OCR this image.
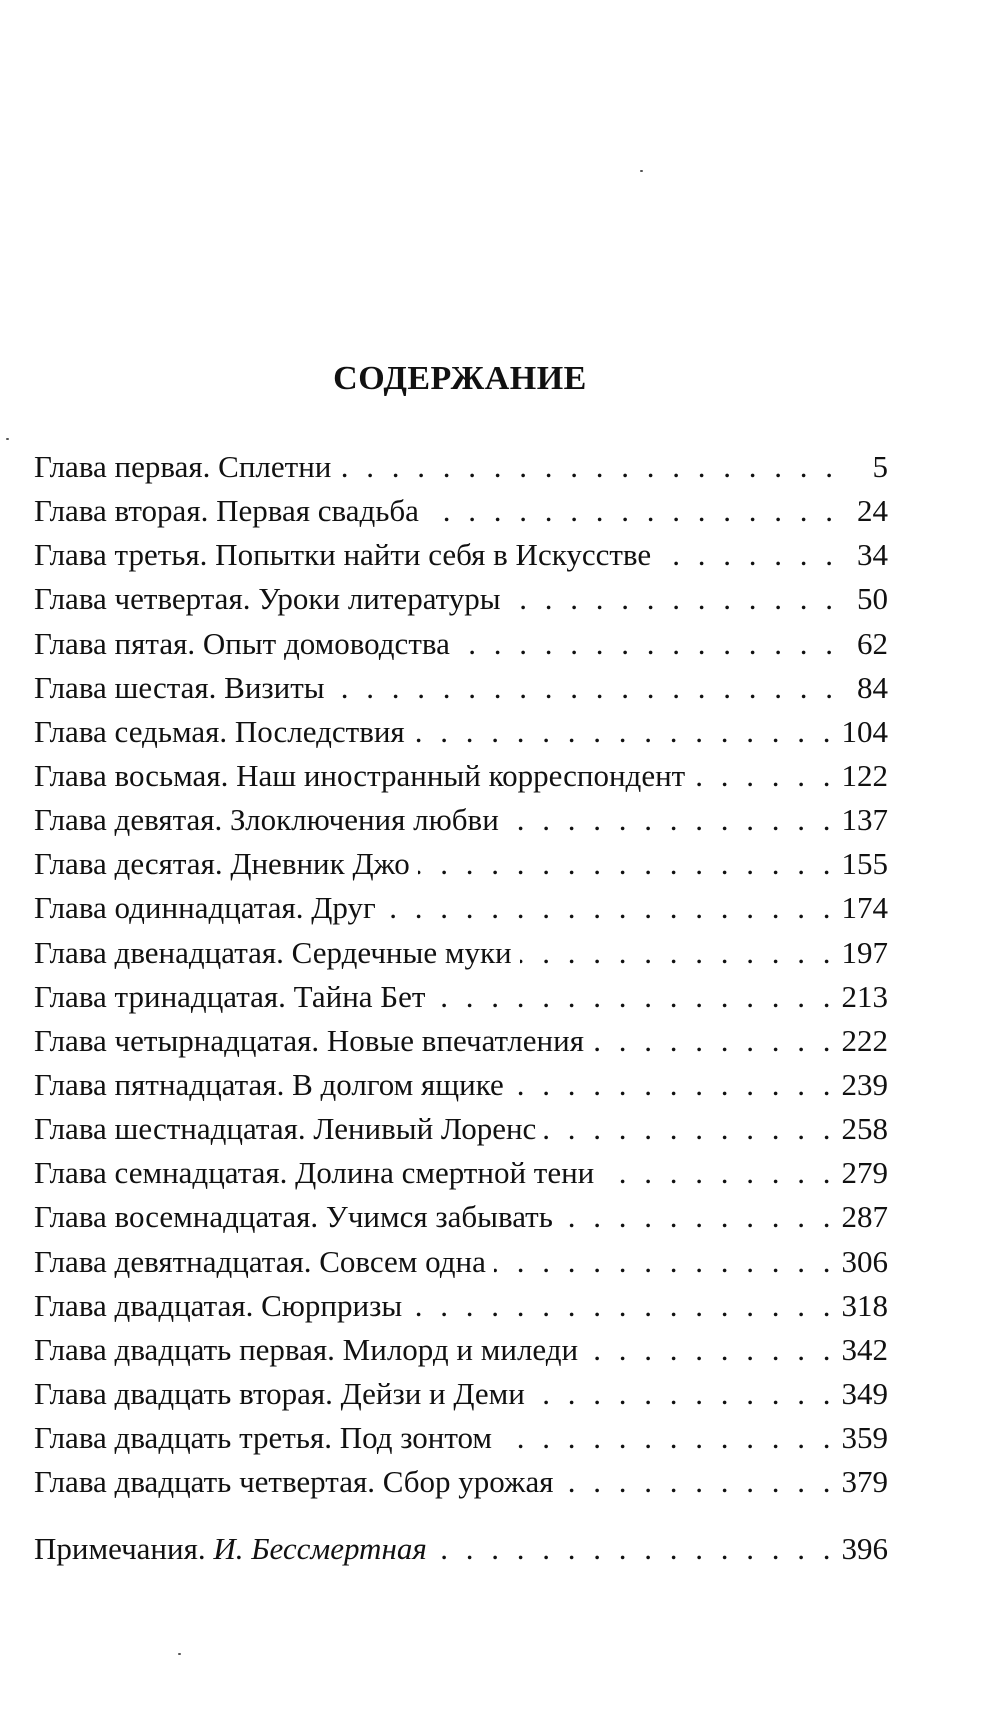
СОДЕРЖАНИЕ
Глава первая. Сплетни . . .	5
Глава вторая. Первая свадьба . . .	24
Глава третья. Попытки найти себя в Искусстве . . .	34
Глава четвертая. Уроки литературы . . .	50
Глава пятая. Опыт домоводства . . .	62
Глава шестая. Визиты . . .	84
Глава седьмая. Последствия . . .	104
Глава восьмая. Наш иностранный корреспондент . . .	122
Глава девятая. Злоключения любви . . .	137
Глава десятая. Дневник Джо . . .	155
Глава одиннадцатая. Друг . . .	174
Глава двенадцатая. Сердечные муки . . .	197
Глава тринадцатая. Тайна Бет . . .	213
Глава четырнадцатая. Новые впечатления . . .	222
Глава пятнадцатая. В долгом ящике . . .	239
Глава шестнадцатая. Ленивый Лоренс . . .	258
Глава семнадцатая. Долина смертной тени . . .	279
Глава восемнадцатая. Учимся забывать . . .	287
Глава девятнадцатая. Совсем одна . . .	306
Глава двадцатая. Сюрпризы . . .	318
Глава двадцать первая. Милорд и миледи . . .	342
Глава двадцать вторая. Дейзи и Деми . . .	349
Глава двадцать третья. Под зонтом . . .	359
Глава двадцать четвертая. Сбор урожая . . .	379
Примечания. И. Бессмертная . . .	396
